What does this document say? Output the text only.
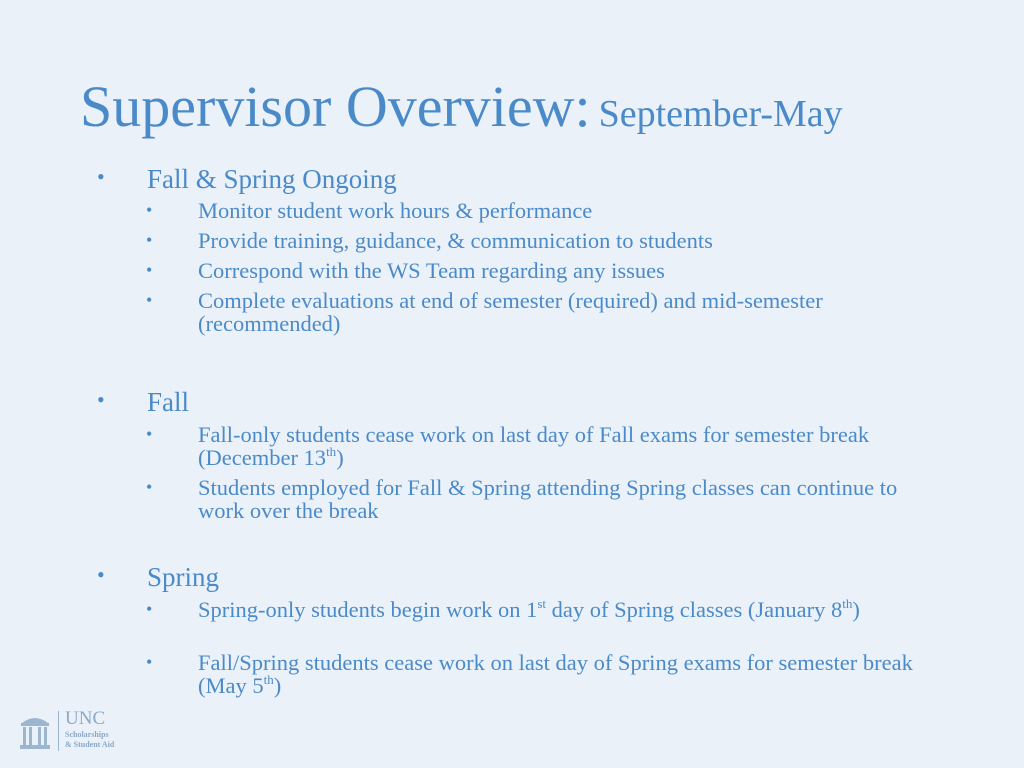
Supervisor Overview: September-May
• Fall & Spring Ongoing
• Monitor student work hours & performance
• Provide training, guidance, & communication to students
• Correspond with the WS Team regarding any issues
• Complete evaluations at end of semester (required) and mid-semester (recommended)
• Fall
• Fall-only students cease work on last day of Fall exams for semester break (December 13th)
• Students employed for Fall & Spring attending Spring classes can continue to work over the break
• Spring
• Spring-only students begin work on 1st day of Spring classes (January 8th)
• Fall/Spring students cease work on last day of Spring exams for semester break (May 5th)
UNC
Scholarships
& Student Aid
